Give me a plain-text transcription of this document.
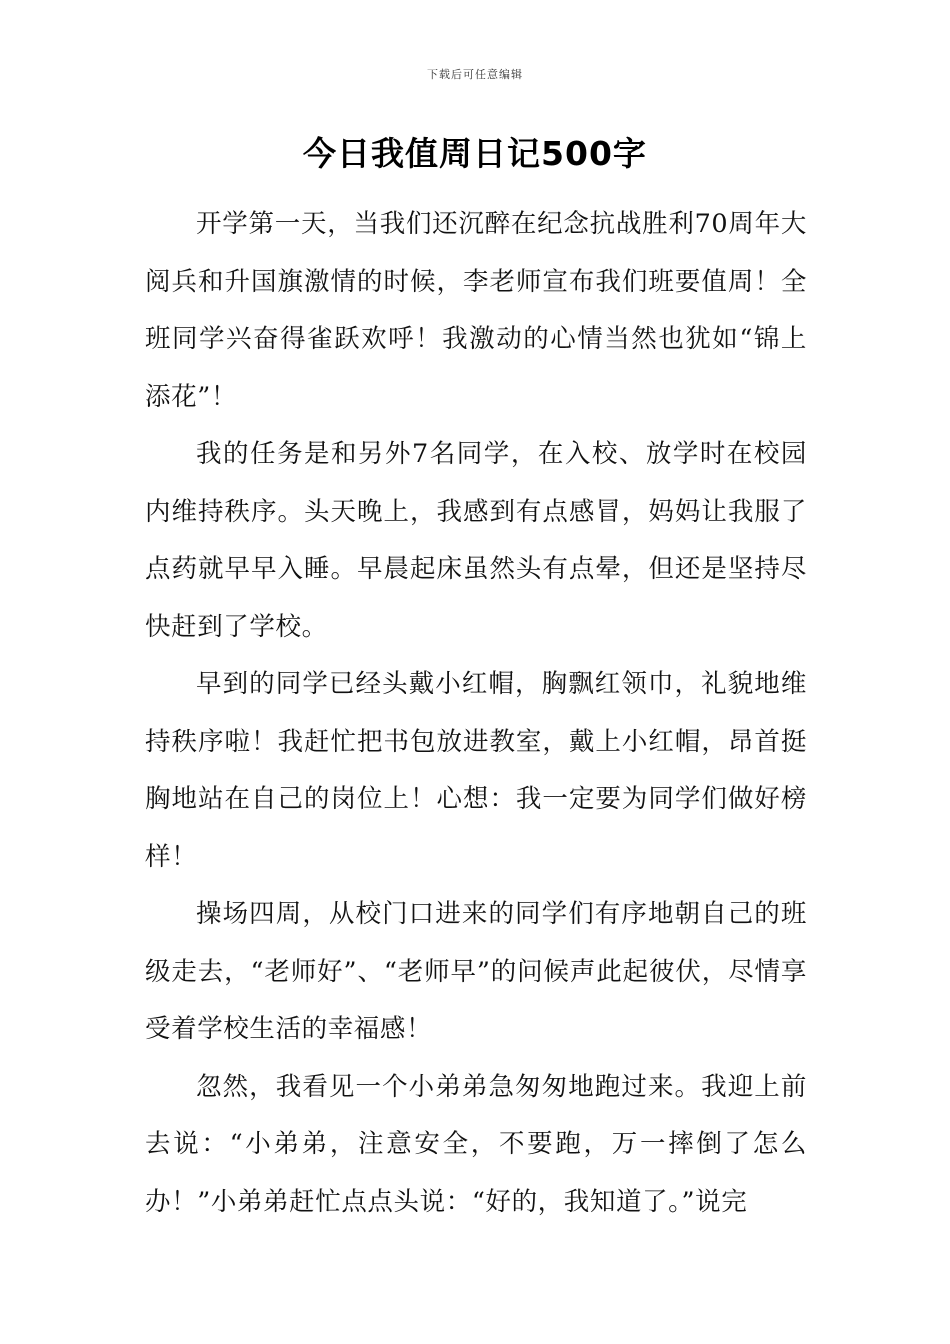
下载后可任意编辑
今日我值周日记500字

开学第一天，当我们还沉醉在纪念抗战胜利70周年大阅兵和升国旗激情的时候，李老师宣布我们班要值周！全班同学兴奋得雀跃欢呼！我激动的心情当然也犹如“锦上添花”！

我的任务是和另外7名同学，在入校、放学时在校园内维持秩序。头天晚上，我感到有点感冒，妈妈让我服了点药就早早入睡。早晨起床虽然头有点晕，但还是坚持尽快赶到了学校。

早到的同学已经头戴小红帽，胸飘红领巾，礼貌地维持秩序啦！我赶忙把书包放进教室，戴上小红帽，昂首挺胸地站在自己的岗位上！心想：我一定要为同学们做好榜样！

操场四周，从校门口进来的同学们有序地朝自己的班级走去，“老师好”、“老师早”的问候声此起彼伏，尽情享受着学校生活的幸福感！

忽然，我看见一个小弟弟急匆匆地跑过来。我迎上前去说：“小弟弟，注意安全，不要跑，万一摔倒了怎么办！”小弟弟赶忙点点头说：“好的，我知道了。”说完
